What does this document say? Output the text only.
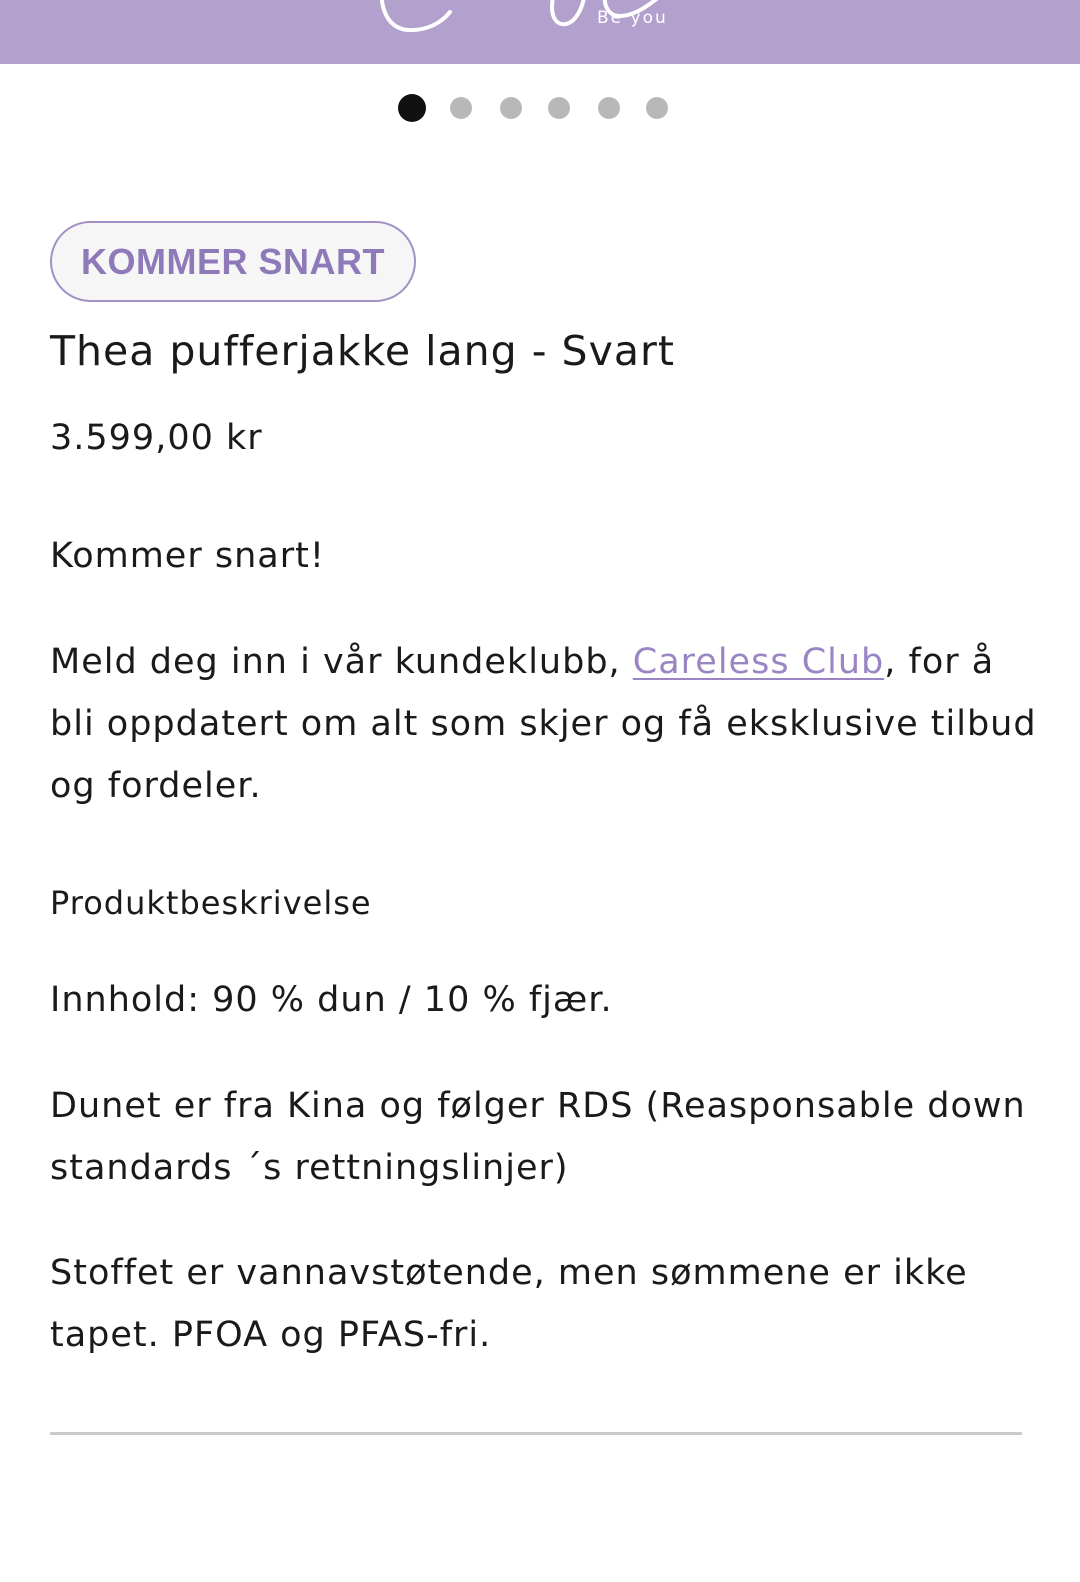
Be you
KOMMER SNART
Thea pufferjakke lang - Svart
3.599,00 kr

Kommer snart!

Meld deg inn i vår kundeklubb, Careless Club, for å bli oppdatert om alt som skjer og få eksklusive tilbud og fordeler.

Produktbeskrivelse

Innhold: 90 % dun / 10 % fjær.

Dunet er fra Kina og følger RDS (Reasponsable down standards ´s rettningslinjer)

Stoffet er vannavstøtende, men sømmene er ikke tapet. PFOA og PFAS-fri.
